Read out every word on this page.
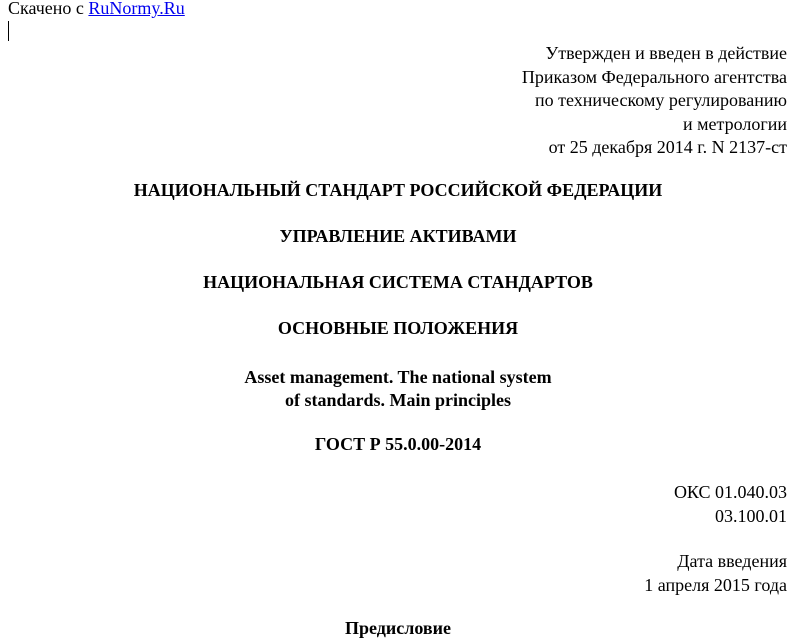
Скачено с RuNormy.Ru
Утвержден и введен в действие
Приказом Федерального агентства
по техническому регулированию
и метрологии
от 25 декабря 2014 г. N 2137-ст
НАЦИОНАЛЬНЫЙ СТАНДАРТ РОССИЙСКОЙ ФЕДЕРАЦИИ
УПРАВЛЕНИЕ АКТИВАМИ
НАЦИОНАЛЬНАЯ СИСТЕМА СТАНДАРТОВ
ОСНОВНЫЕ ПОЛОЖЕНИЯ
Asset management. The national system
of standards. Main principles
ГОСТ Р 55.0.00-2014
ОКС 01.040.03
03.100.01
Дата введения
1 апреля 2015 года
Предисловие
